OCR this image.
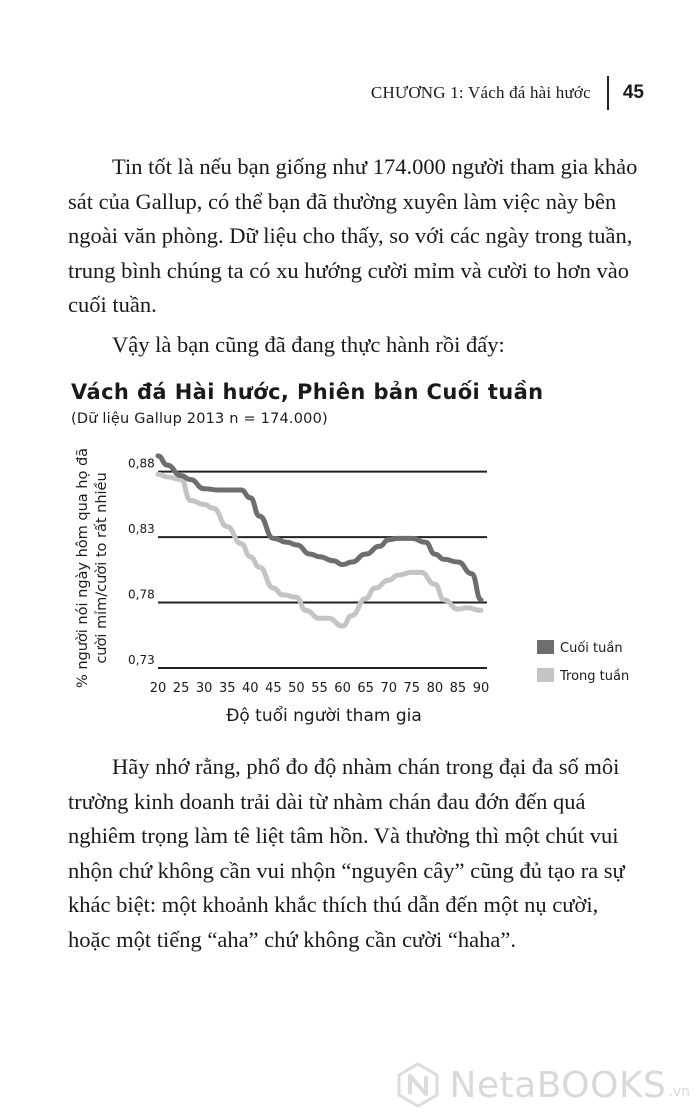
CHƯƠNG 1: Vách đá hài hước 45

Tin tốt là nếu bạn giống như 174.000 người tham gia khảo sát của Gallup, có thể bạn đã thường xuyên làm việc này bên ngoài văn phòng. Dữ liệu cho thấy, so với các ngày trong tuần, trung bình chúng ta có xu hướng cười mỉm và cười to hơn vào cuối tuần.

Vậy là bạn cũng đã đang thực hành rồi đấy:

Vách đá Hài hước, Phiên bản Cuối tuần
(Dữ liệu Gallup 2013 n = 174.000)
0,73
0,78
0,83
0,88
20 25 30 35 40 45 50 55 60 65 70 75 80 85 90
Cuối tuần
Trong tuần
Độ tuổi người tham gia
% người nói ngày hôm qua họ đã cười mỉm/cười to rất nhiều

Hãy nhớ rằng, phổ đo độ nhàm chán trong đại đa số môi trường kinh doanh trải dài từ nhàm chán đau đớn đến quá nghiêm trọng làm tê liệt tâm hồn. Và thường thì một chút vui nhộn chứ không cần vui nhộn “nguyên cây” cũng đủ tạo ra sự khác biệt: một khoảnh khắc thích thú dẫn đến một nụ cười, hoặc một tiếng “aha” chứ không cần cười “haha”.

NetaBOOKS .vn
